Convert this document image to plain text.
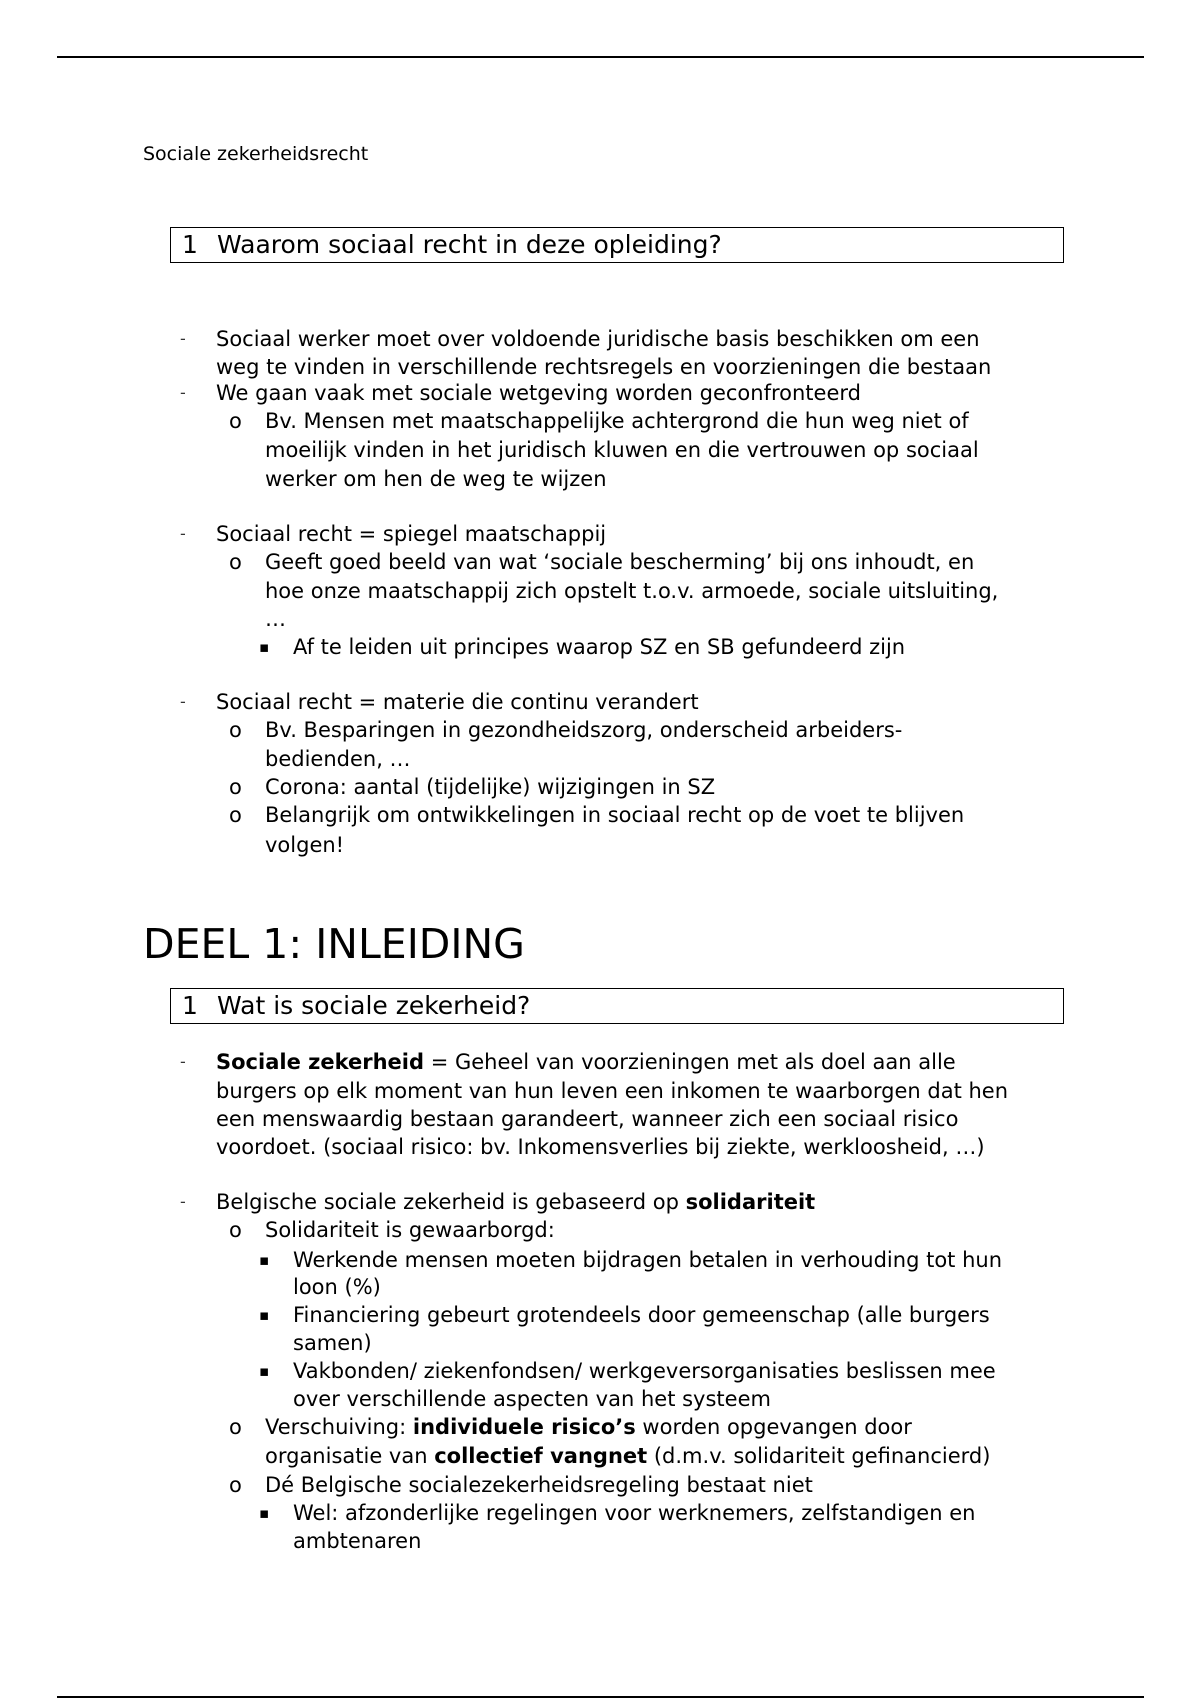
Sociale zekerheidsrecht
1 Waarom sociaal recht in deze opleiding?
- Sociaal werker moet over voldoende juridische basis beschikken om een
weg te vinden in verschillende rechtsregels en voorzieningen die bestaan
- We gaan vaak met sociale wetgeving worden geconfronteerd
o Bv. Mensen met maatschappelijke achtergrond die hun weg niet of
moeilijk vinden in het juridisch kluwen en die vertrouwen op sociaal
werker om hen de weg te wijzen
- Sociaal recht = spiegel maatschappij
o Geeft goed beeld van wat ‘sociale bescherming’ bij ons inhoudt, en
hoe onze maatschappij zich opstelt t.o.v. armoede, sociale uitsluiting,
…
▪ Af te leiden uit principes waarop SZ en SB gefundeerd zijn
- Sociaal recht = materie die continu verandert
o Bv. Besparingen in gezondheidszorg, onderscheid arbeiders-
bedienden, …
o Corona: aantal (tijdelijke) wijzigingen in SZ
o Belangrijk om ontwikkelingen in sociaal recht op de voet te blijven
volgen!
DEEL 1: INLEIDING
1 Wat is sociale zekerheid?
- Sociale zekerheid = Geheel van voorzieningen met als doel aan alle
burgers op elk moment van hun leven een inkomen te waarborgen dat hen
een menswaardig bestaan garandeert, wanneer zich een sociaal risico
voordoet. (sociaal risico: bv. Inkomensverlies bij ziekte, werkloosheid, …)
- Belgische sociale zekerheid is gebaseerd op solidariteit
o Solidariteit is gewaarborgd:
▪ Werkende mensen moeten bijdragen betalen in verhouding tot hun
loon (%)
▪ Financiering gebeurt grotendeels door gemeenschap (alle burgers
samen)
▪ Vakbonden/ ziekenfondsen/ werkgeversorganisaties beslissen mee
over verschillende aspecten van het systeem
o Verschuiving: individuele risico’s worden opgevangen door
organisatie van collectief vangnet (d.m.v. solidariteit gefinancierd)
o Dé Belgische socialezekerheidsregeling bestaat niet
▪ Wel: afzonderlijke regelingen voor werknemers, zelfstandigen en
ambtenaren
